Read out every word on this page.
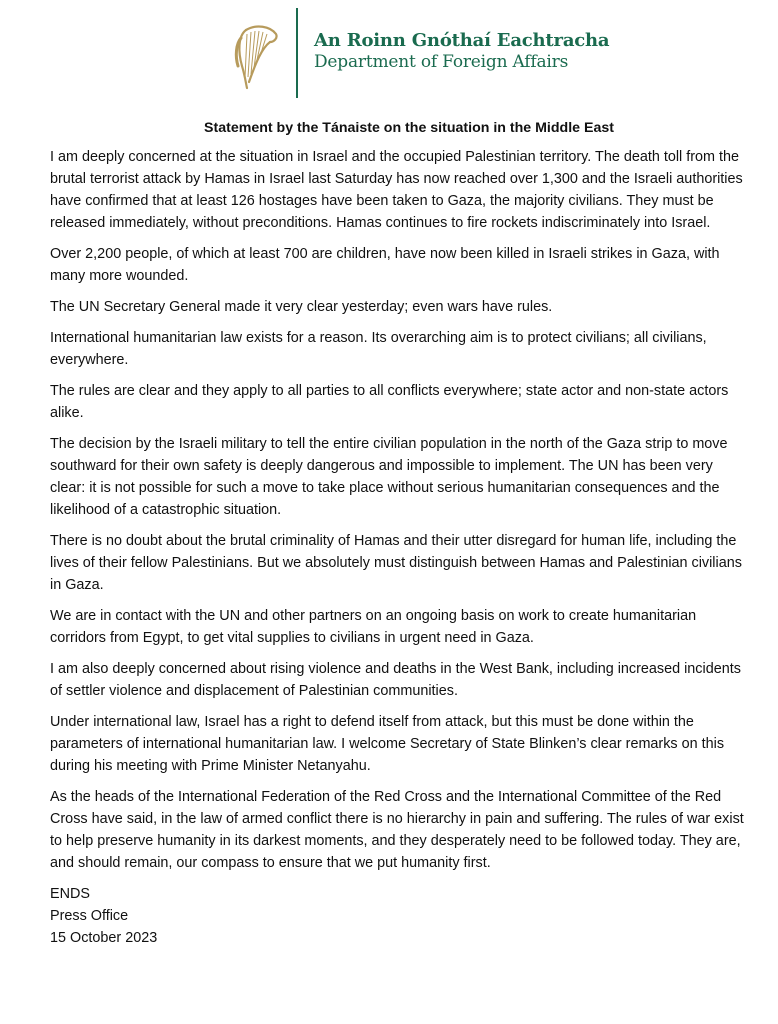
An Roinn Gnóthaí Eachtracha
Department of Foreign Affairs
Statement by the Tánaiste on the situation in the Middle East

I am deeply concerned at the situation in Israel and the occupied Palestinian territory. The death toll from the brutal terrorist attack by Hamas in Israel last Saturday has now reached over 1,300 and the Israeli authorities have confirmed that at least 126 hostages have been taken to Gaza, the majority civilians. They must be released immediately, without preconditions. Hamas continues to fire rockets indiscriminately into Israel.

Over 2,200 people, of which at least 700 are children, have now been killed in Israeli strikes in Gaza, with many more wounded.

The UN Secretary General made it very clear yesterday; even wars have rules.

International humanitarian law exists for a reason. Its overarching aim is to protect civilians; all civilians, everywhere.

The rules are clear and they apply to all parties to all conflicts everywhere; state actor and non-state actors alike.

The decision by the Israeli military to tell the entire civilian population in the north of the Gaza strip to move southward for their own safety is deeply dangerous and impossible to implement. The UN has been very clear: it is not possible for such a move to take place without serious humanitarian consequences and the likelihood of a catastrophic situation.

There is no doubt about the brutal criminality of Hamas and their utter disregard for human life, including the lives of their fellow Palestinians. But we absolutely must distinguish between Hamas and Palestinian civilians in Gaza.

We are in contact with the UN and other partners on an ongoing basis on work to create humanitarian corridors from Egypt, to get vital supplies to civilians in urgent need in Gaza.

I am also deeply concerned about rising violence and deaths in the West Bank, including increased incidents of settler violence and displacement of Palestinian communities.

Under international law, Israel has a right to defend itself from attack, but this must be done within the parameters of international humanitarian law. I welcome Secretary of State Blinken’s clear remarks on this during his meeting with Prime Minister Netanyahu.

As the heads of the International Federation of the Red Cross and the International Committee of the Red Cross have said, in the law of armed conflict there is no hierarchy in pain and suffering. The rules of war exist to help preserve humanity in its darkest moments, and they desperately need to be followed today. They are, and should remain, our compass to ensure that we put humanity first.

ENDS
Press Office
15 October 2023
